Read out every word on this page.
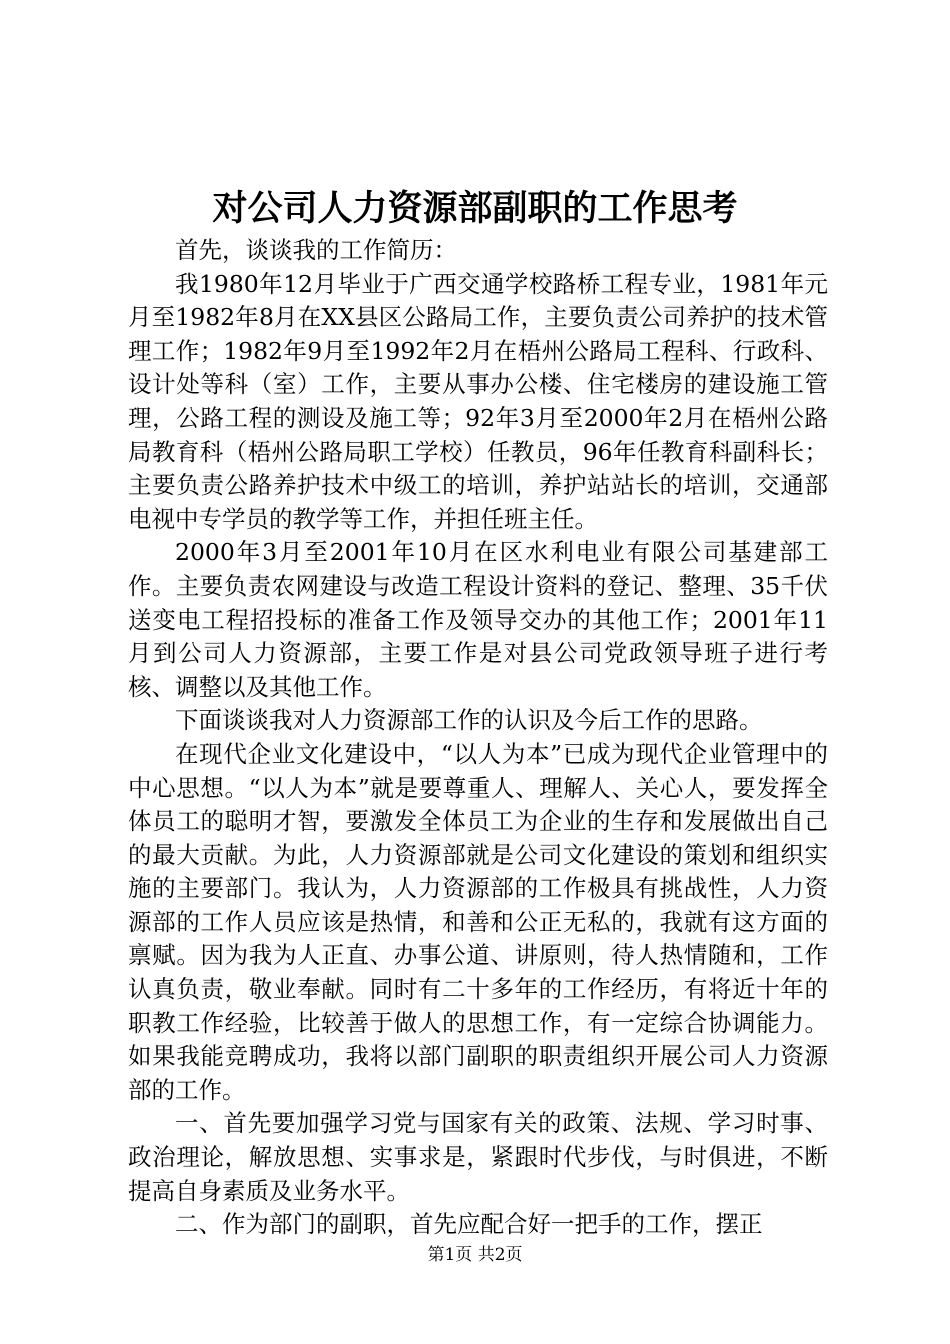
对公司人力资源部副职的工作思考

首先，谈谈我的工作简历：

我1980年12月毕业于广西交通学校路桥工程专业，1981年元月至1982年8月在XX县区公路局工作，主要负责公司养护的技术管理工作；1982年9月至1992年2月在梧州公路局工程科、行政科、设计处等科（室）工作，主要从事办公楼、住宅楼房的建设施工管理，公路工程的测设及施工等；92年3月至2000年2月在梧州公路局教育科（梧州公路局职工学校）任教员，96年任教育科副科长；主要负责公路养护技术中级工的培训，养护站站长的培训，交通部电视中专学员的教学等工作，并担任班主任。

2000年3月至2001年10月在区水利电业有限公司基建部工作。主要负责农网建设与改造工程设计资料的登记、整理、35千伏送变电工程招投标的准备工作及领导交办的其他工作；2001年11月到公司人力资源部，主要工作是对县公司党政领导班子进行考核、调整以及其他工作。

下面谈谈我对人力资源部工作的认识及今后工作的思路。

在现代企业文化建设中，“以人为本”已成为现代企业管理中的中心思想。“以人为本”就是要尊重人、理解人、关心人，要发挥全体员工的聪明才智，要激发全体员工为企业的生存和发展做出自己的最大贡献。为此，人力资源部就是公司文化建设的策划和组织实施的主要部门。我认为，人力资源部的工作极具有挑战性，人力资源部的工作人员应该是热情，和善和公正无私的，我就有这方面的禀赋。因为我为人正直、办事公道、讲原则，待人热情随和，工作认真负责，敬业奉献。同时有二十多年的工作经历，有将近十年的职教工作经验，比较善于做人的思想工作，有一定综合协调能力。如果我能竞聘成功，我将以部门副职的职责组织开展公司人力资源部的工作。

一、首先要加强学习党与国家有关的政策、法规、学习时事、政治理论，解放思想、实事求是，紧跟时代步伐，与时俱进，不断提高自身素质及业务水平。

二、作为部门的副职，首先应配合好一把手的工作，摆正

第1页 共2页
